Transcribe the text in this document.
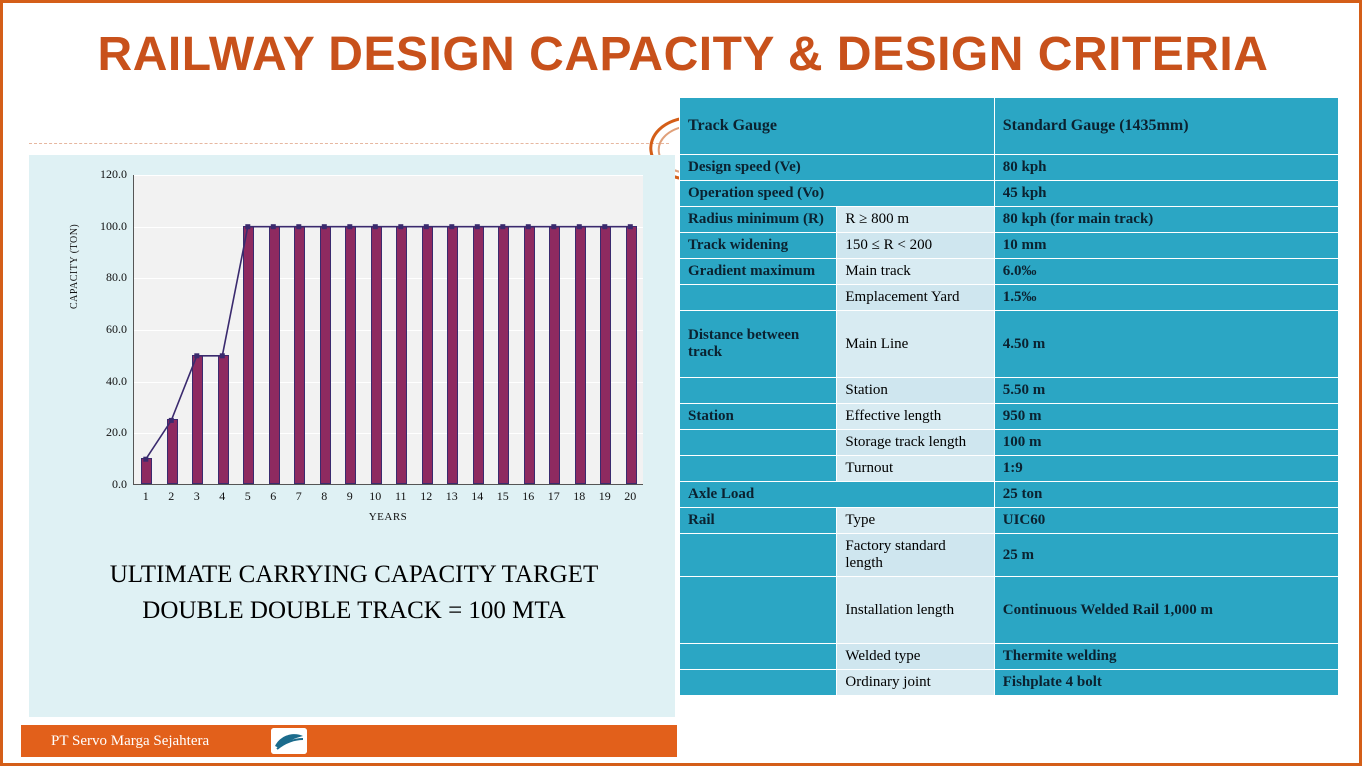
RAILWAY DESIGN CAPACITY & DESIGN CRITERIA
CAPACITY (TON)
0.0
20.0
40.0
60.0
80.0
100.0
120.0
YEARS
1	2	3	4	5	6	7	8	9	10	11	12	13	14	15	16	17	18	19	20
ULTIMATE CARRYING CAPACITY TARGET
DOUBLE DOUBLE TRACK = 100 MTA
Track Gauge		Standard Gauge (1435mm)
Design speed (Ve)		80 kph
Operation speed (Vo)		45 kph
Radius minimum (R)	R ≥ 800 m	80 kph (for main track)
Track widening	150 ≤ R < 200	10 mm
Gradient maximum	Main track	6.0‰
	Emplacement Yard	1.5‰
Distance between track	Main Line	4.50 m
	Station	5.50 m
Station	Effective length	950 m
	Storage track length	100 m
	Turnout	1:9
Axle Load		25 ton
Rail	Type	UIC60
	Factory standard length	25 m
	Installation length	Continuous Welded Rail 1,000 m
	Welded type	Thermite welding
	Ordinary joint	Fishplate 4 bolt
PT Servo Marga Sejahtera
